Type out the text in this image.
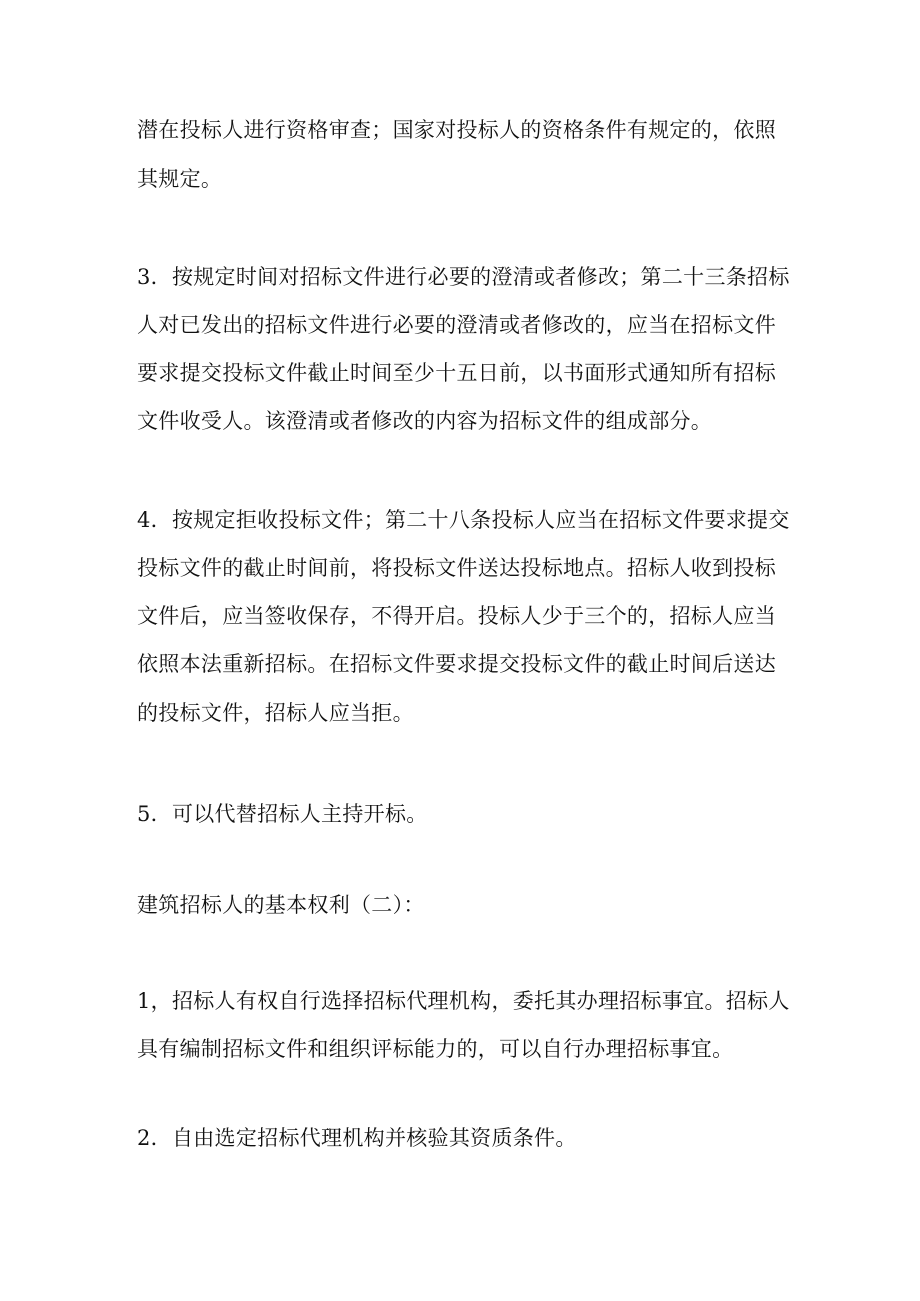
潜在投标人进行资格审查；国家对投标人的资格条件有规定的，依照
其规定。
3．按规定时间对招标文件进行必要的澄清或者修改；第二十三条招标
人对已发出的招标文件进行必要的澄清或者修改的，应当在招标文件
要求提交投标文件截止时间至少十五日前，以书面形式通知所有招标
文件收受人。该澄清或者修改的内容为招标文件的组成部分。
4．按规定拒收投标文件；第二十八条投标人应当在招标文件要求提交
投标文件的截止时间前，将投标文件送达投标地点。招标人收到投标
文件后，应当签收保存，不得开启。投标人少于三个的，招标人应当
依照本法重新招标。在招标文件要求提交投标文件的截止时间后送达
的投标文件，招标人应当拒。
5．可以代替招标人主持开标。
建筑招标人的基本权利（二）：
1，招标人有权自行选择招标代理机构，委托其办理招标事宜。招标人
具有编制招标文件和组织评标能力的，可以自行办理招标事宜。
2．自由选定招标代理机构并核验其资质条件。
